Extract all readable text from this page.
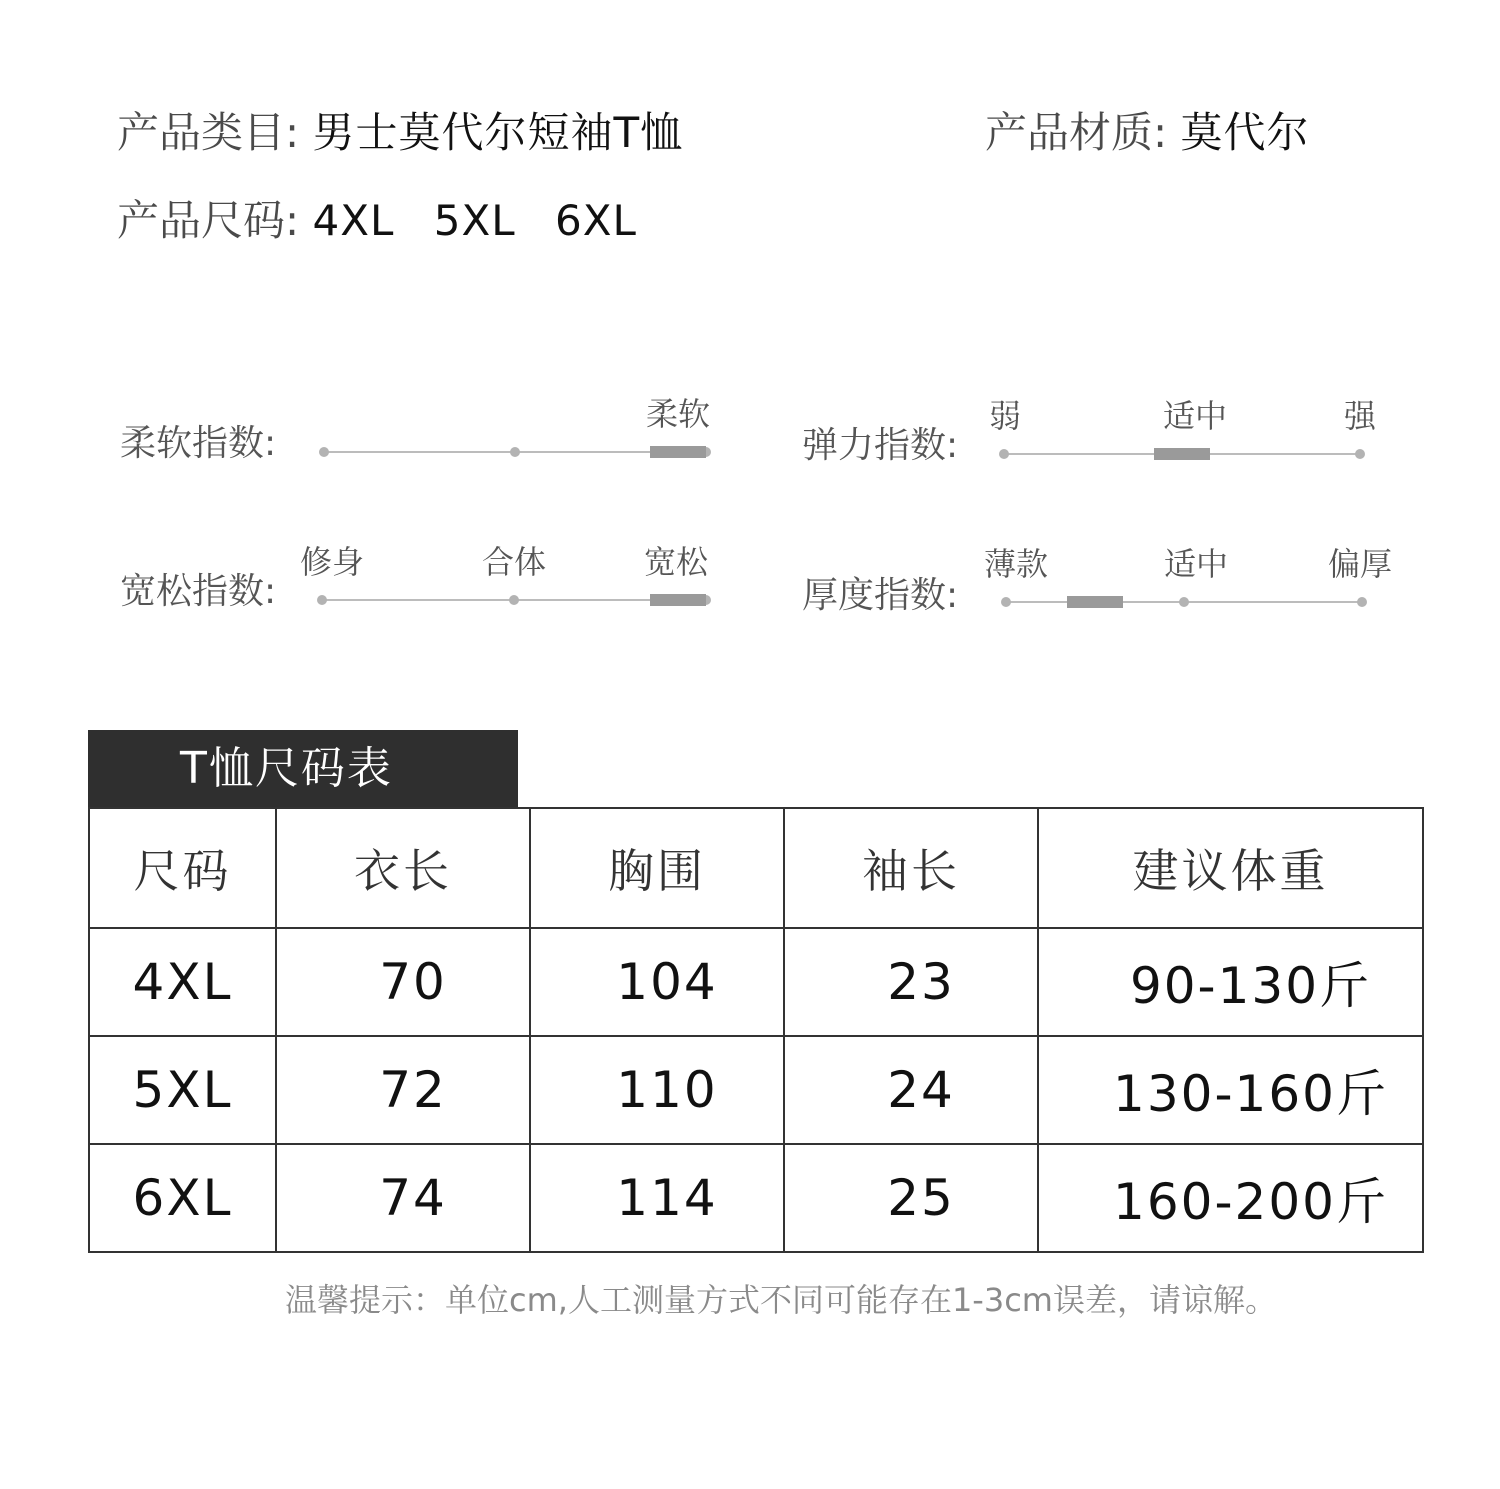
产品类目: 男士莫代尔短袖T恤	产品材质: 莫代尔
产品尺码: 4XL 5XL 6XL
柔软指数:
柔软
弹力指数:
弱	适中	强
宽松指数:
修身	合体	宽松
厚度指数:
薄款	适中	偏厚
T恤尺码表
尺码	衣长	胸围	袖长	建议体重
4XL	70	104	23	90-130斤
5XL	72	110	24	130-160斤
6XL	74	114	25	160-200斤
温馨提示：单位cm,人工测量方式不同可能存在1-3cm误差，请谅解。
